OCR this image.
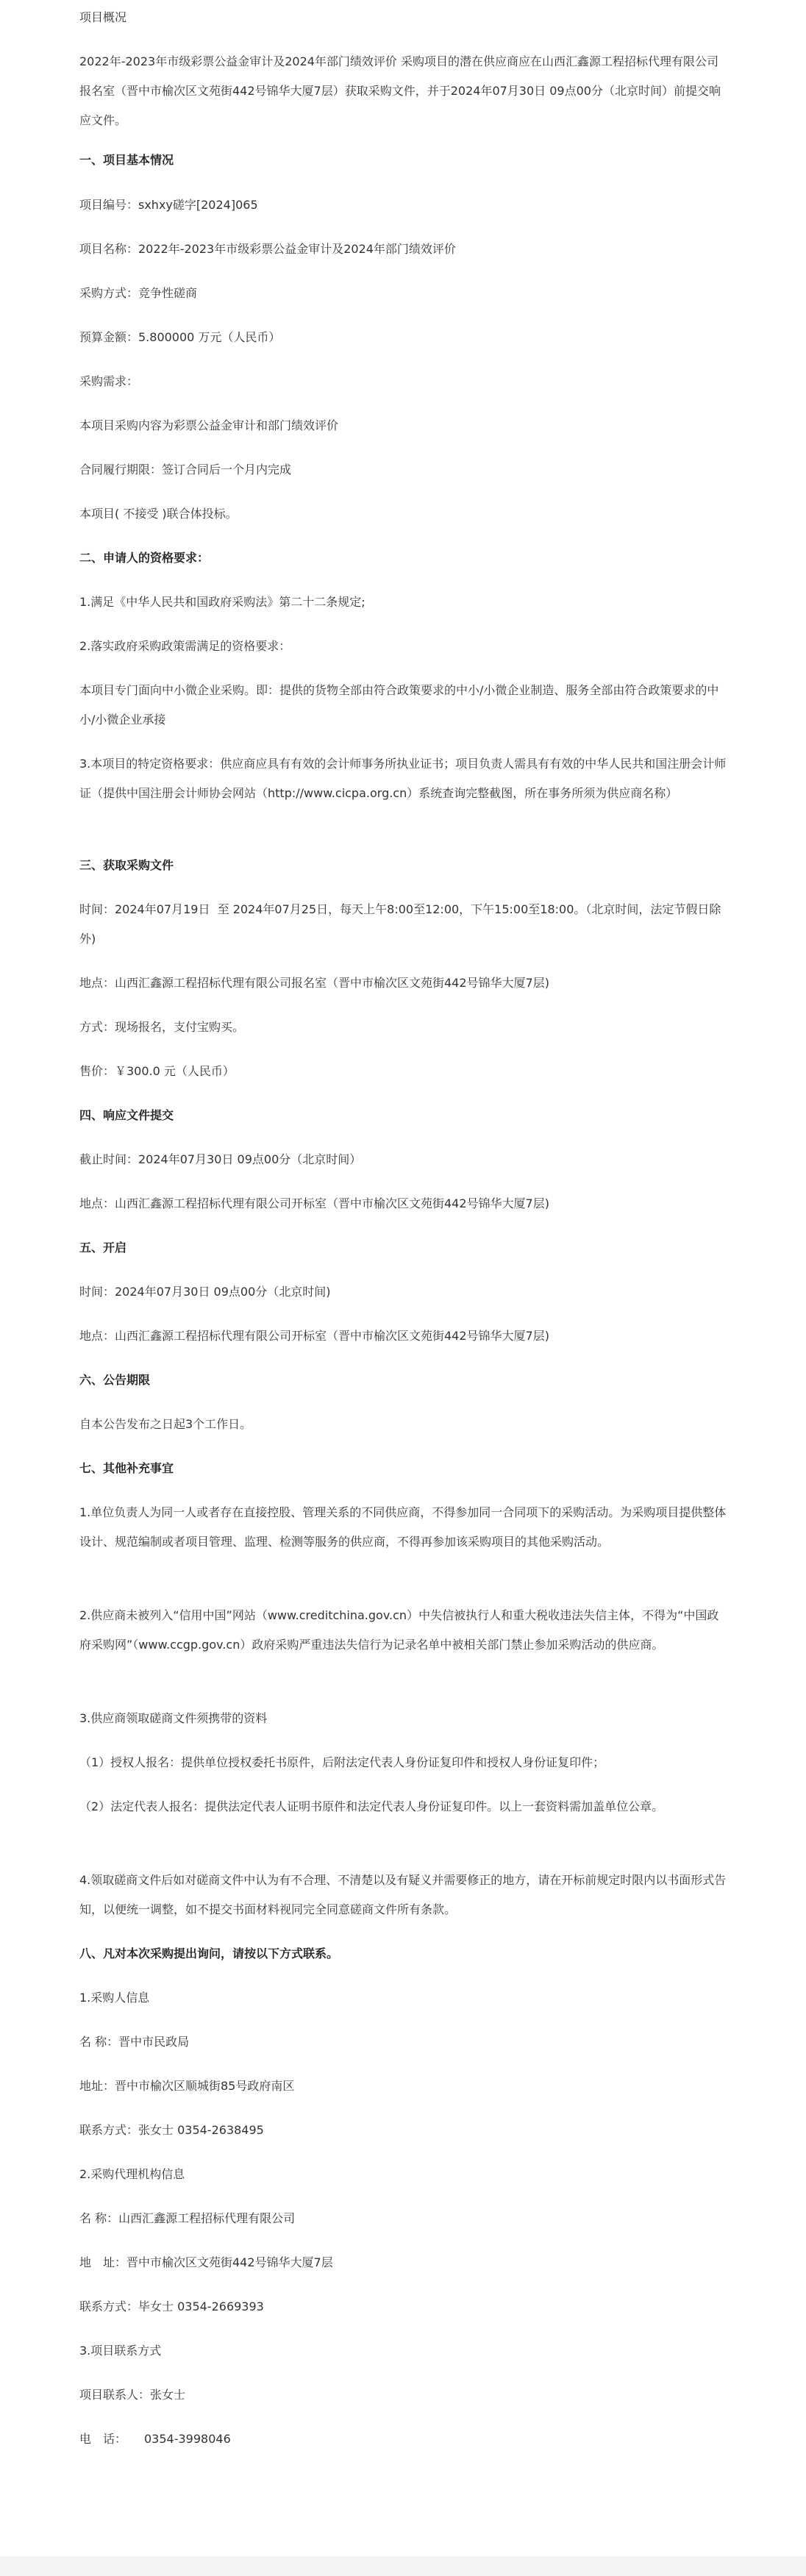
项目概况

2022年-2023年市级彩票公益金审计及2024年部门绩效评价 采购项目的潜在供应商应在山西汇鑫源工程招标代理有限公司报名室（晋中市榆次区文苑街442号锦华大厦7层）获取采购文件，并于2024年07月30日 09点00分（北京时间）前提交响应文件。

一、项目基本情况

项目编号：sxhxy磋字[2024]065

项目名称：2022年-2023年市级彩票公益金审计及2024年部门绩效评价

采购方式：竞争性磋商

预算金额：5.800000 万元（人民币）

采购需求：

本项目采购内容为彩票公益金审计和部门绩效评价

合同履行期限：签订合同后一个月内完成

本项目( 不接受 )联合体投标。

二、申请人的资格要求：

1.满足《中华人民共和国政府采购法》第二十二条规定;

2.落实政府采购政策需满足的资格要求：

本项目专门面向中小微企业采购。即：提供的货物全部由符合政策要求的中小/小微企业制造、服务全部由符合政策要求的中小/小微企业承接

3.本项目的特定资格要求：供应商应具有有效的会计师事务所执业证书；项目负责人需具有有效的中华人民共和国注册会计师证（提供中国注册会计师协会网站（http://www.cicpa.org.cn）系统查询完整截图，所在事务所须为供应商名称）

三、获取采购文件

时间：2024年07月19日  至 2024年07月25日，每天上午8:00至12:00，下午15:00至18:00。（北京时间，法定节假日除外)

地点：山西汇鑫源工程招标代理有限公司报名室（晋中市榆次区文苑街442号锦华大厦7层)

方式：现场报名，支付宝购买。

售价：￥300.0 元（人民币）

四、响应文件提交

截止时间：2024年07月30日 09点00分（北京时间）

地点：山西汇鑫源工程招标代理有限公司开标室（晋中市榆次区文苑街442号锦华大厦7层)

五、开启

时间：2024年07月30日 09点00分（北京时间)

地点：山西汇鑫源工程招标代理有限公司开标室（晋中市榆次区文苑街442号锦华大厦7层)

六、公告期限

自本公告发布之日起3个工作日。

七、其他补充事宜

1.单位负责人为同一人或者存在直接控股、管理关系的不同供应商，不得参加同一合同项下的采购活动。为采购项目提供整体设计、规范编制或者项目管理、监理、检测等服务的供应商，不得再参加该采购项目的其他采购活动。

2.供应商未被列入“信用中国”网站（www.creditchina.gov.cn）中失信被执行人和重大税收违法失信主体，不得为“中国政府采购网”（www.ccgp.gov.cn）政府采购严重违法失信行为记录名单中被相关部门禁止参加采购活动的供应商。

3.供应商领取磋商文件须携带的资料

（1）授权人报名：提供单位授权委托书原件，后附法定代表人身份证复印件和授权人身份证复印件；

（2）法定代表人报名：提供法定代表人证明书原件和法定代表人身份证复印件。以上一套资料需加盖单位公章。

4.领取磋商文件后如对磋商文件中认为有不合理、不清楚以及有疑义并需要修正的地方，请在开标前规定时限内以书面形式告知，以便统一调整，如不提交书面材料视同完全同意磋商文件所有条款。

八、凡对本次采购提出询问，请按以下方式联系。

1.采购人信息

名 称：晋中市民政局

地址：晋中市榆次区顺城街85号政府南区

联系方式：张女士 0354-2638495

2.采购代理机构信息

名 称：山西汇鑫源工程招标代理有限公司

地　址：晋中市榆次区文苑街442号锦华大厦7层

联系方式：毕女士 0354-2669393

3.项目联系方式

项目联系人：张女士

电　话：　　0354-3998046
